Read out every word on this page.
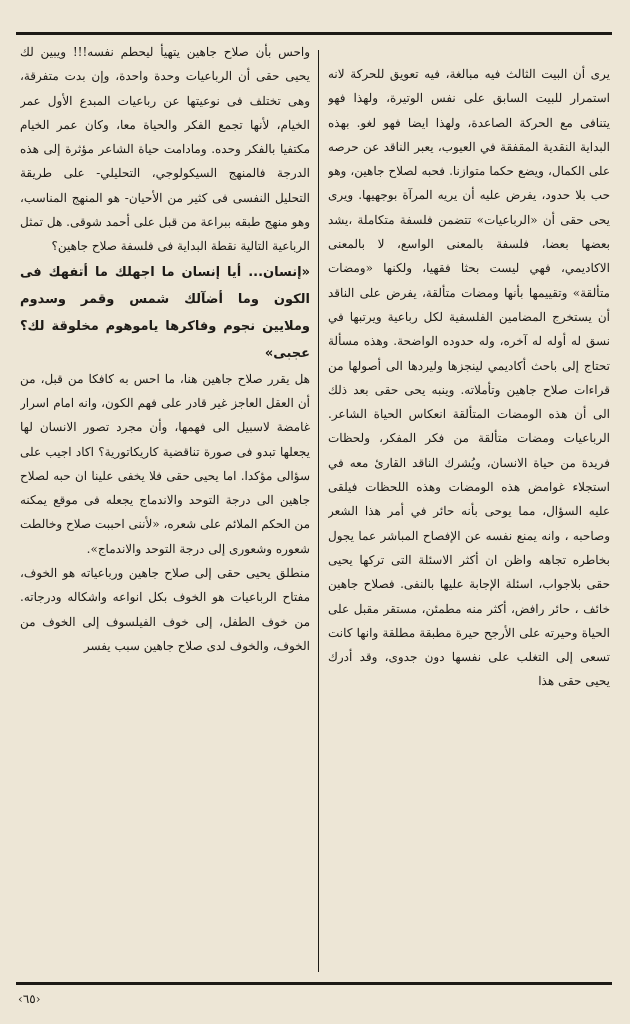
يرى أن البيت الثالث فيه مبالغة، فيه تعويق للحركة لانه استمرار للبيت السابق على نفس الوتيرة، ولهذا فهو يتنافى مع الحركة الصاعدة، ولهذا ايضا فهو لغو. بهذه البداية النقدية المقفقة في العيوب، يعبر الناقد عن حرصه على الكمال، ويضع حكما متوازنا. فحبه لصلاح جاهين، وهو حب بلا حدود، يفرض عليه أن يريه المرآة بوجهيها. ويرى يحى حقى أن «الرباعيات» تتضمن فلسفة متكاملة ،يشد بعضها بعضا، فلسفة بالمعنى الواسع، لا بالمعنى الاكاديمي، فهي ليست بحثا فقهيا، ولكنها «ومضات متألقة» وتقييمها بأنها ومضات متألقة، يفرض على الناقد أن يستخرج المضامين الفلسفية لكل رباعية ويرتبها في نسق له أوله له آخره، وله حدوده الواضحة. وهذه مسألة تحتاج إلى باحث أكاديمي لينجزها وليردها الى أصولها من قراءات صلاح جاهين وتأملاته. وينبه يحى حقى بعد ذلك الى أن هذه الومضات المتألقة انعكاس الحياة الشاعر. الرباعيات ومضات متألقة من فكر المفكر، ولحظات فريدة من حياة الانسان، ويُشرك الناقد القارئ معه في استجلاء غوامض هذه الومضات وهذه اللحظات فيلقى عليه السؤال، مما يوحى بأنه حائر في أمر هذا الشعر وصاحبه ، وانه يمنع نفسه عن الإفصاح المباشر عما يجول بخاطره تجاهه واظن ان أكثر الاسئلة التى تركها يحيى حقى بلاجواب، اسئلة الإجابة عليها بالنفى. فصلاح جاهين خائف ، حائر رافض، أكثر منه مطمئن، مستقر مقبل على الحياة وحيرته على الأرجح حيرة مطبقة مطلقة وانها كانت تسعى إلى التغلب على نفسها دون جدوى، وقد أدرك يحيى حقى هذا

واحس بأن صلاح جاهين يتهيأ ليحطم نفسه!!! ويبين لك يحيى حقى أن الرباعيات وحدة واحدة، وإن بدت متفرقة، وهى تختلف فى نوعيتها عن رباعيات المبدع الأول عمر الخيام، لأنها تجمع الفكر والحياة معا، وكان عمر الخيام مكتفيا بالفكر وحده. ومادامت حياة الشاعر مؤثرة إلى هذه الدرجة فالمنهج السيكولوجي، التحليلي- على طريقة التحليل النفسى فى كثير من الأحيان- هو المنهج المناسب، وهو منهج طبقه ببراعة من قبل على أحمد شوقى. هل تمثل الرباعية التالية نقطة البداية فى فلسفة صلاح جاهين؟

«إنسان... أيا إنسان ما اجهلك ما أتفهك فى الكون وما أضآلك شمس وقمر وسدوم وملايين نجوم وفاكرها ياموهوم مخلوقة لك؟ عجبى»

هل يقرر صلاح جاهين هنا، ما احس به كافكا من قبل، من أن العقل العاجز غير قادر على فهم الكون، وانه امام اسرار غامضة لاسبيل الى فهمها، وأن مجرد تصور الانسان لها يجعلها تبدو فى صورة تناقضية كاريكاتورية؟ اكاد اجيب على سؤالى مؤكدا. اما يحيى حقى فلا يخفى علينا ان حبه لصلاح جاهين الى درجة التوحد والاندماج يجعله فى موقع يمكنه من الحكم الملائم على شعره، «لأننى احببت صلاح وخالطت شعوره وشعورى إلى درجة التوحد والاندماج».

منطلق يحيى حقى إلى صلاح جاهين ورباعياته هو الخوف، مفتاح الرباعيات هو الخوف بكل انواعه واشكاله ودرجاته. من خوف الطفل، إلى خوف الفيلسوف إلى الخوف من الخوف، والخوف لدى صلاح جاهين سبب يفسر

‹٦٥›
